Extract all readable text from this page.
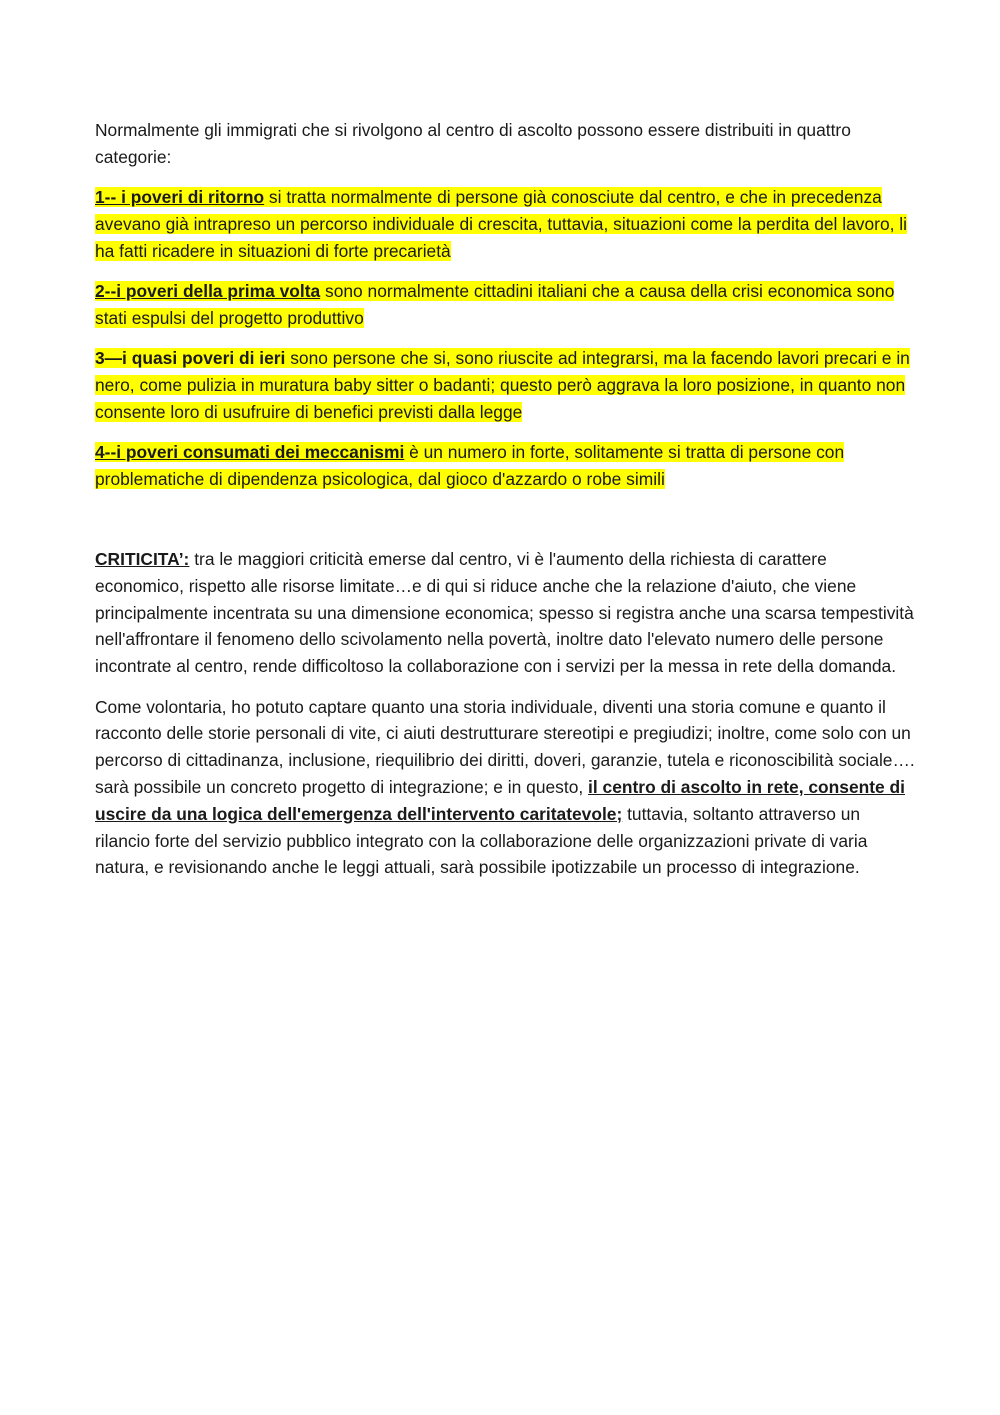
Normalmente gli immigrati che si rivolgono al centro di ascolto possono essere distribuiti in quattro categorie:

1-- i poveri di ritorno si tratta normalmente di persone già conosciute dal centro, e che in precedenza avevano già intrapreso un percorso individuale di crescita, tuttavia, situazioni come la perdita del lavoro, li ha fatti ricadere in situazioni di forte precarietà

2--i poveri della prima volta sono normalmente cittadini italiani che a causa della crisi economica sono stati espulsi del progetto produttivo

3—i quasi poveri di ieri sono persone che si, sono riuscite ad integrarsi, ma la facendo lavori precari e in nero, come pulizia in muratura baby sitter o badanti; questo però aggrava la loro posizione, in quanto non consente loro di usufruire di benefici previsti dalla legge

4--i poveri consumati dei meccanismi è un numero in forte, solitamente si tratta di persone con problematiche di dipendenza psicologica, dal gioco d'azzardo o robe simili

CRITICITA’: tra le maggiori criticità emerse dal centro, vi è l'aumento della richiesta di carattere economico, rispetto alle risorse limitate…e di qui si riduce anche che la relazione d'aiuto, che viene principalmente incentrata su una dimensione economica; spesso si registra anche una scarsa tempestività nell'affrontare il fenomeno dello scivolamento nella povertà, inoltre dato l'elevato numero delle persone incontrate al centro, rende difficoltoso la collaborazione con i servizi per la messa in rete della domanda.

Come volontaria, ho potuto captare quanto una storia individuale, diventi una storia comune e quanto il racconto delle storie personali di vite, ci aiuti destrutturare stereotipi e pregiudizi; inoltre, come solo con un percorso di cittadinanza, inclusione, riequilibrio dei diritti, doveri, garanzie, tutela e riconoscibilità sociale…. sarà possibile un concreto progetto di integrazione; e in questo, il centro di ascolto in rete, consente di uscire da una logica dell'emergenza dell'intervento caritatevole; tuttavia, soltanto attraverso un rilancio forte del servizio pubblico integrato con la collaborazione delle organizzazioni private di varia natura, e revisionando anche le leggi attuali, sarà possibile ipotizzabile un processo di integrazione.
